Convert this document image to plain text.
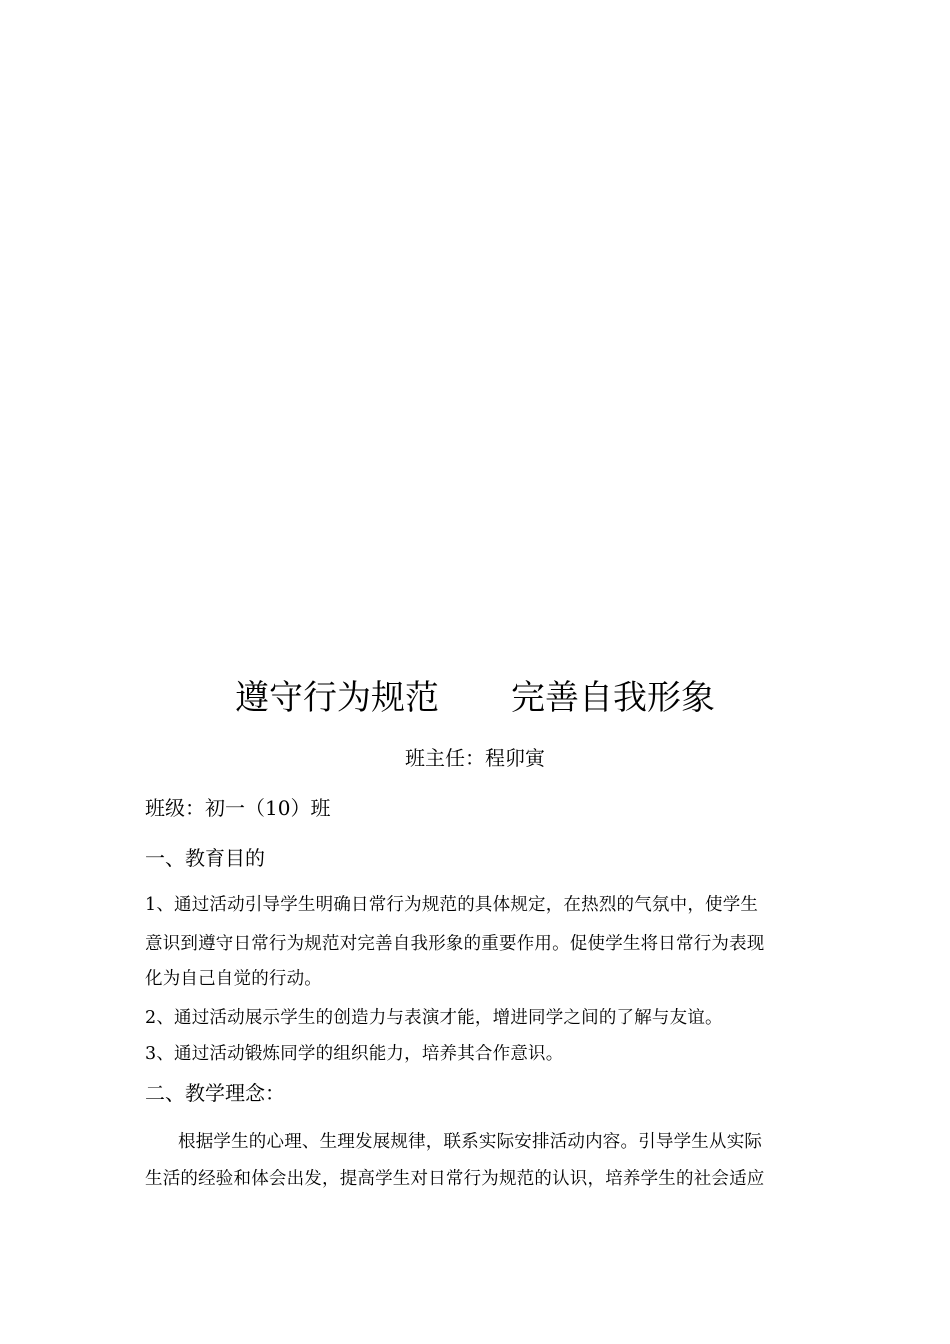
遵守行为规范 完善自我形象
班主任：程卯寅
班级：初一（10）班
一、教育目的
1、通过活动引导学生明确日常行为规范的具体规定，在热烈的气氛中，使学生
意识到遵守日常行为规范对完善自我形象的重要作用。促使学生将日常行为表现
化为自己自觉的行动。
2、通过活动展示学生的创造力与表演才能，增进同学之间的了解与友谊。
3、通过活动锻炼同学的组织能力，培养其合作意识。
二、教学理念：
根据学生的心理、生理发展规律，联系实际安排活动内容。引导学生从实际
生活的经验和体会出发，提高学生对日常行为规范的认识，培养学生的社会适应
